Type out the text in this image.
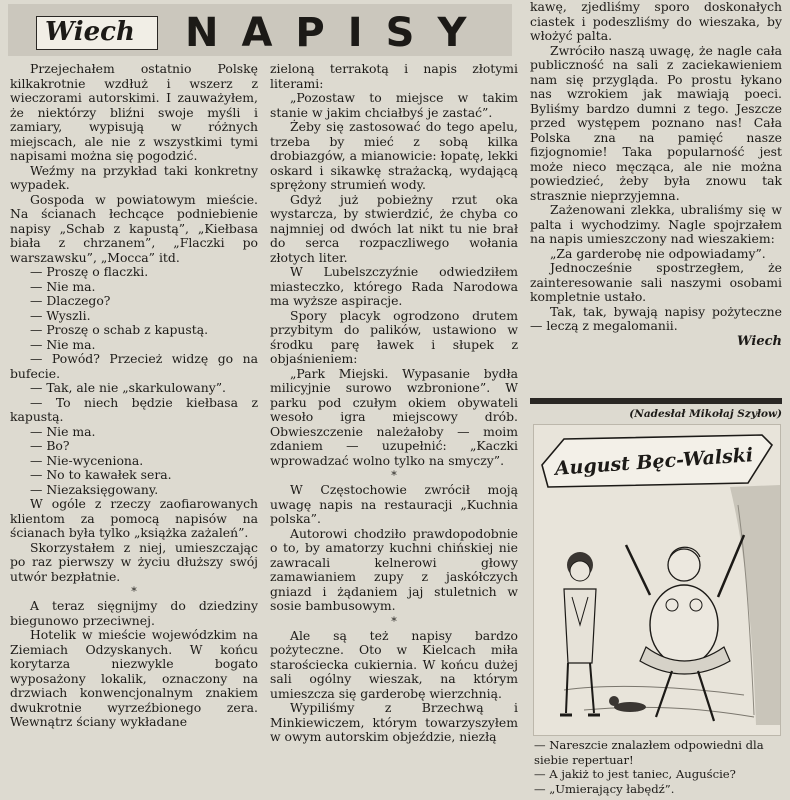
Wiech NAPISY

Przejechałem ostatnio Polskę kilkakrotnie wzdłuż i wszerz z wieczorami autorskimi. I zauważyłem, że niektórzy bliźni swoje myśli i zamiary, wypisują w różnych miejscach, ale nie z wszystkimi tymi napisami można się pogodzić.

Weźmy na przykład taki konkretny wypadek.

Gospoda w powiatowym mieście. Na ścianach łechcące podniebienie napisy „Schab z kapustą”, „Kiełbasa biała z chrzanem”, „Flaczki po warszawsku”, „Mocca” itd.

— Proszę o flaczki.

— Nie ma.

— Dlaczego?

— Wyszli.

— Proszę o schab z kapustą.

— Nie ma.

— Powód? Przecież widzę go na bufecie.

— Tak, ale nie „skarkulowany”.

— To niech będzie kiełbasa z kapustą.

— Nie ma.

— Bo?

— Nie-wyceniona.

— No to kawałek sera.

— Niezaksięgowany.

W ogóle z rzeczy zaofiarowanych klientom za pomocą napisów na ścianach była tylko „książka zażaleń”.

Skorzystałem z niej, umieszczając po raz pierwszy w życiu dłuższy swój utwór bezpłatnie.

*

A teraz sięgnijmy do dziedziny biegunowo przeciwnej.

Hotelik w mieście wojewódzkim na Ziemiach Odzyskanych. W końcu korytarza niezwykle bogato wyposażony lokalik, oznaczony na drzwiach konwencjonalnym znakiem dwukrotnie wyrzeźbionego zera. Wewnątrz ściany wykładane

zieloną terrakotą i napis złotymi literami:

„Pozostaw to miejsce w takim stanie w jakim chciałbyś je zastać”.

Żeby się zastosować do tego apelu, trzeba by mieć z sobą kilka drobiazgów, a mianowicie: łopatę, lekki oskard i sikawkę strażacką, wydającą sprężony strumień wody.

Gdyż już pobieżny rzut oka wystarcza, by stwierdzić, że chyba co najmniej od dwóch lat nikt tu nie brał do serca rozpaczliwego wołania złotych liter.

W Lubelszczyźnie odwiedziłem miasteczko, którego Rada Narodowa ma wyższe aspiracje.

Spory placyk ogrodzono drutem przybitym do palików, ustawiono w środku parę ławek i słupek z objaśnieniem:

„Park Miejski. Wypasanie bydła milicyjnie surowo wzbronione”. W parku pod czułym okiem obywateli wesoło igra miejscowy drób. Obwieszczenie należałoby — moim zdaniem — uzupełnić: „Kaczki wprowadzać wolno tylko na smyczy”.

*

W Częstochowie zwrócił moją uwagę napis na restauracji „Kuchnia polska”.

Autorowi chodziło prawdopodobnie o to, by amatorzy kuchni chińskiej nie zawracali kelnerowi głowy zamawianiem zupy z jaskółczych gniazd i żądaniem jaj stuletnich w sosie bambusowym.

*

Ale są też napisy bardzo pożyteczne. Oto w Kielcach miła starościecka cukiernia. W końcu dużej sali ogólny wieszak, na którym umieszcza się garderobę wierzchnią.

Wypiliśmy z Brzechwą i Minkiewiczem, którym towarzyszyłem w owym autorskim objeździe, niezłą

kawę, zjedliśmy sporo doskonałych ciastek i podeszliśmy do wieszaka, by włożyć palta.

Zwróciło naszą uwagę, że nagle cała publiczność na sali z zaciekawieniem nam się przygląda. Po prostu łykano nas wzrokiem jak mawiają poeci. Byliśmy bardzo dumni z tego. Jeszcze przed występem poznano nas! Cała Polska zna na pamięć nasze fizjognomie! Taka popularność jest może nieco męcząca, ale nie można powiedzieć, żeby była znowu tak strasznie nieprzyjemna.

Zażenowani zlekka, ubraliśmy się w palta i wychodzimy. Nagle spojrzałem na napis umieszczony nad wieszakiem:

„Za garderobę nie odpowiadamy”.

Jednocześnie spostrzegłem, że zainteresowanie sali naszymi osobami kompletnie ustało.

Tak, tak, bywają napisy pożyteczne — leczą z megalomanii.

Wiech
(Nadesłał Mikołaj Szyłow)
August Bęc-Walski

— Nareszcie znalazłem odpowiedni dla siebie repertuar!

— A jakiż to jest taniec, Auguście?

— „Umierający łabędź”.
